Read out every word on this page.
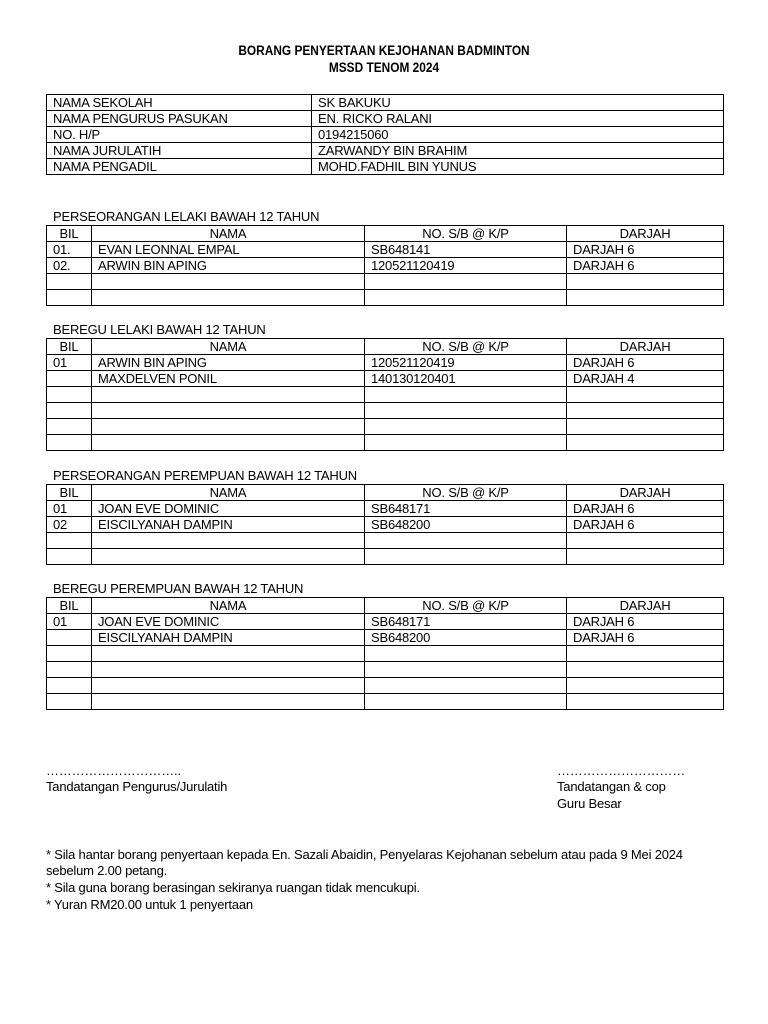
BORANG PENYERTAAN KEJOHANAN BADMINTON
MSSD TENOM 2024
NAMA SEKOLAH	SK BAKUKU
NAMA PENGURUS PASUKAN	EN. RICKO RALANI
NO. H/P	0194215060
NAMA JURULATIH	ZARWANDY BIN BRAHIM
NAMA PENGADIL	MOHD.FADHIL BIN YUNUS
PERSEORANGAN LELAKI BAWAH 12 TAHUN
BIL	NAMA	NO. S/B @ K/P	DARJAH
01.	EVAN LEONNAL EMPAL	SB648141	DARJAH 6
02.	ARWIN BIN APING	120521120419	DARJAH 6

BEREGU LELAKI BAWAH 12 TAHUN
BIL	NAMA	NO. S/B @ K/P	DARJAH
01	ARWIN BIN APING	120521120419	DARJAH 6
	MAXDELVEN PONIL	140130120401	DARJAH 4

PERSEORANGAN PEREMPUAN BAWAH 12 TAHUN
BIL	NAMA	NO. S/B @ K/P	DARJAH
01	JOAN EVE DOMINIC	SB648171	DARJAH 6
02	EISCILYANAH DAMPIN	SB648200	DARJAH 6

BEREGU PEREMPUAN BAWAH 12 TAHUN
BIL	NAMA	NO. S/B @ K/P	DARJAH
01	JOAN EVE DOMINIC	SB648171	DARJAH 6
	EISCILYANAH DAMPIN	SB648200	DARJAH 6

…………………………..
Tandatangan Pengurus/Jurulatih
…………………………
Tandatangan & cop
Guru Besar
* Sila hantar borang penyertaan kepada En. Sazali Abaidin, Penyelaras Kejohanan sebelum atau pada 9 Mei 2024
sebelum 2.00 petang.
* Sila guna borang berasingan sekiranya ruangan tidak mencukupi.
* Yuran RM20.00 untuk 1 penyertaan
